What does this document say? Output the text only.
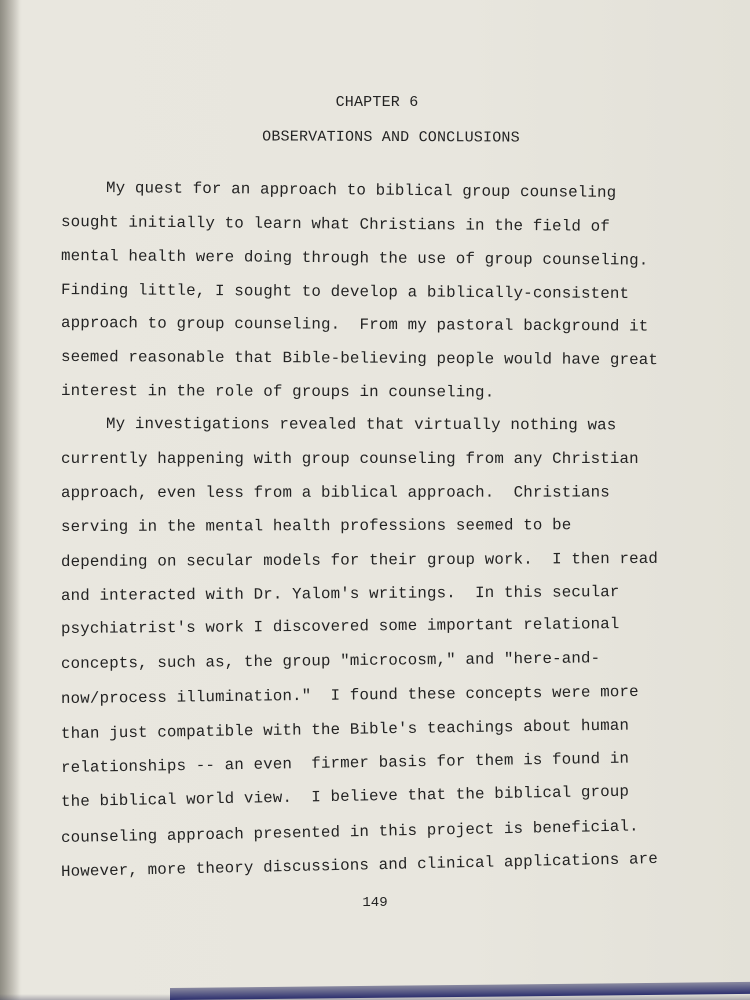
CHAPTER 6
OBSERVATIONS AND CONCLUSIONS
My quest for an approach to biblical group counseling
sought initially to learn what Christians in the field of
mental health were doing through the use of group counseling.
Finding little, I sought to develop a biblically-consistent
approach to group counseling.  From my pastoral background it
seemed reasonable that Bible-believing people would have great
interest in the role of groups in counseling.
My investigations revealed that virtually nothing was
currently happening with group counseling from any Christian
approach, even less from a biblical approach.  Christians
serving in the mental health professions seemed to be
depending on secular models for their group work.  I then read
and interacted with Dr. Yalom's writings.  In this secular
psychiatrist's work I discovered some important relational
concepts, such as, the group "microcosm," and "here-and-
now/process illumination."  I found these concepts were more
than just compatible with the Bible's teachings about human
relationships -- an even  firmer basis for them is found in
the biblical world view.  I believe that the biblical group
counseling approach presented in this project is beneficial.
However, more theory discussions and clinical applications are
149
